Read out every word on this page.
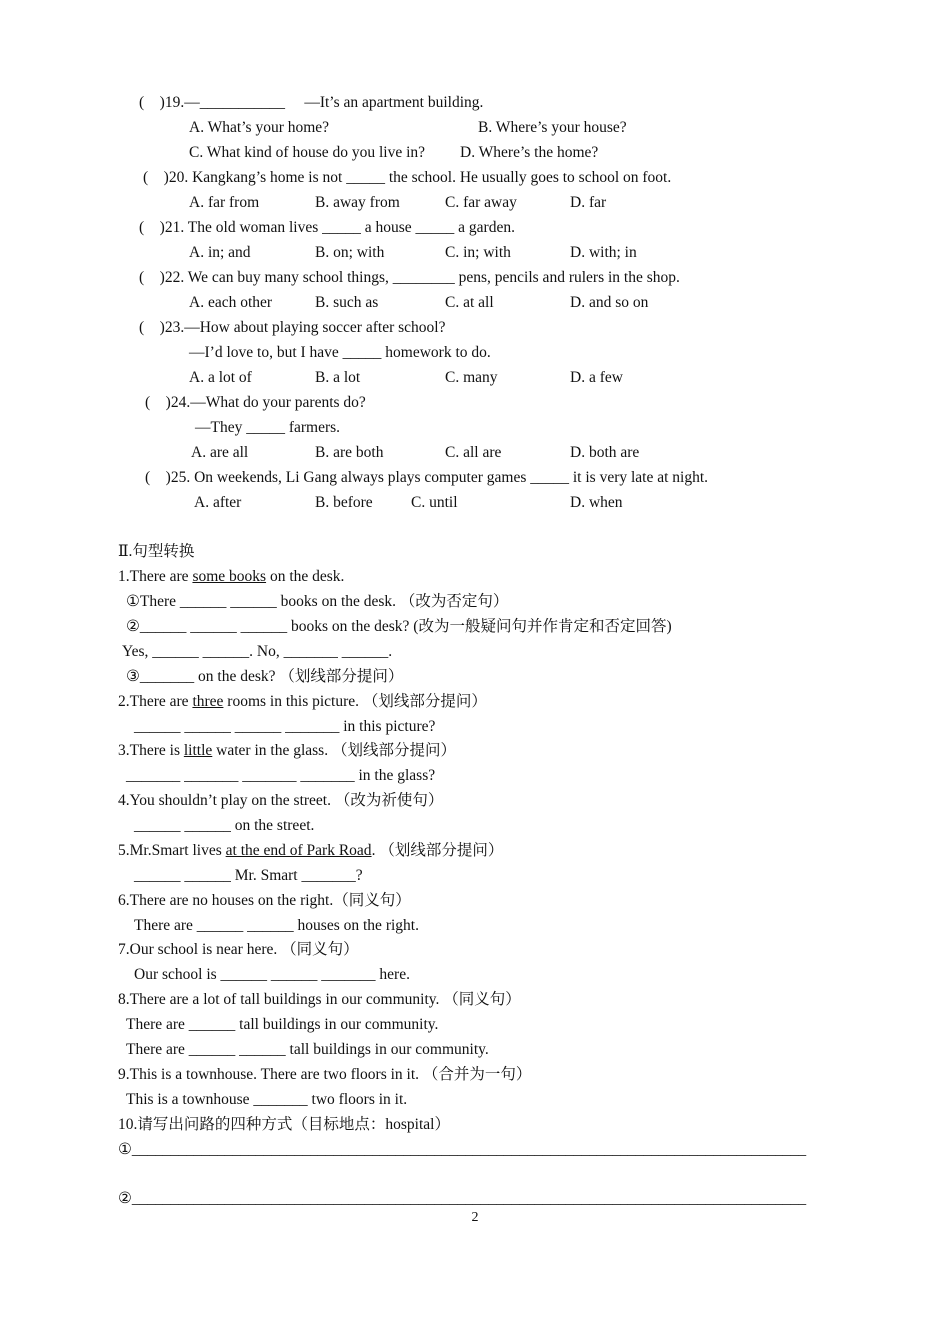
(　)19.—___________ 　—It’s an apartment building.
A. What’s your home?	B. Where’s your house?
C. What kind of house do you live in? D. Where’s the home?
(　)20. Kangkang’s home is not _____ the school. He usually goes to school on foot.
A. far from	B. away from	C. far away	D. far
(　)21. The old woman lives _____ a house _____ a garden.
A. in; and	B. on; with	C. in; with	D. with; in
(　)22. We can buy many school things, ________ pens, pencils and rulers in the shop.
A. each other	B. such as	C. at all	D. and so on
(　)23.—How about playing soccer after school?
—I’d love to, but I have _____ homework to do.
A. a lot of	B. a lot	C. many	D. a few
(　)24.—What do your parents do?
—They _____ farmers.
A. are all	B. are both	C. all are	D. both are
(　)25. On weekends, Li Gang always plays computer games _____ it is very late at night.
A. after	B. before C. until	D. when
Ⅱ.句型转换
1.There are some books on the desk.
①There ______ ______ books on the desk. （改为否定句）
②______ ______ ______ books on the desk? (改为一般疑问句并作肯定和否定回答)
Yes, ______ ______. No, _______ ______.
③_______ on the desk? （划线部分提问）
2.There are three rooms in this picture. （划线部分提问）
______ ______ ______ _______ in this picture?
3.There is little water in the glass. （划线部分提问）
_______ _______ _______ _______ in the glass?
4.You shouldn’t play on the street. （改为祈使句）
______ ______ on the street.
5.Mr.Smart lives at the end of Park Road. （划线部分提问）
______ ______ Mr. Smart _______?
6.There are no houses on the right.（同义句）
There are ______ ______ houses on the right.
7.Our school is near here. （同义句）
Our school is ______ ______ _______ here.
8.There are a lot of tall buildings in our community. （同义句）
There are ______ tall buildings in our community.
There are ______ ______ tall buildings in our community.
9.This is a townhouse. There are two floors in it. （合并为一句）
This is a townhouse _______ two floors in it.
10.请写出问路的四种方式（目标地点：hospital）
①_______________________________________________________________________________________
②_______________________________________________________________________________________
2
